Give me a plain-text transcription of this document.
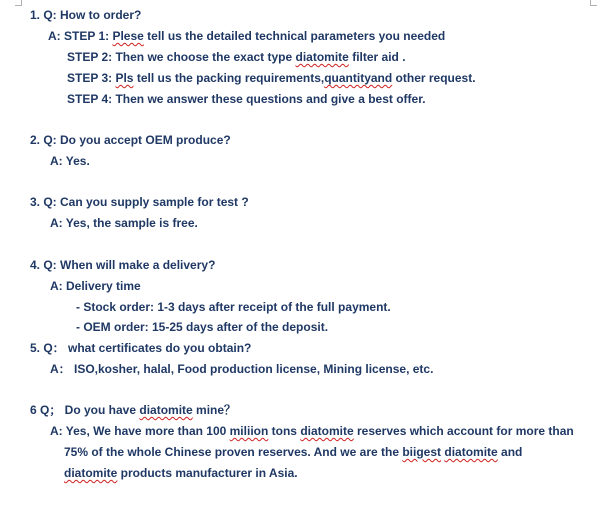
1. Q: How to order?
A: STEP 1: Plese tell us the detailed technical parameters you needed
STEP 2: Then we choose the exact type diatomite filter aid .
STEP 3: Pls tell us the packing requirements,quantityand other request.
STEP 4: Then we answer these questions and give a best offer.
2. Q: Do you accept OEM produce?
A: Yes.
3. Q: Can you supply sample for test ?
A: Yes, the sample is free.
4. Q: When will make a delivery?
A: Delivery time
- Stock order: 1-3 days after receipt of the full payment.
- OEM order: 15-25 days after of the deposit.
5. Q： what certificates do you obtain?
A： ISO,kosher, halal, Food production license, Mining license, etc.
6 Q； Do you have diatomite mine？
A: Yes, We have more than 100 miliion tons diatomite reserves which account for more than
75% of the whole Chinese proven reserves. And we are the biigest diatomite and
diatomite products manufacturer in Asia.
